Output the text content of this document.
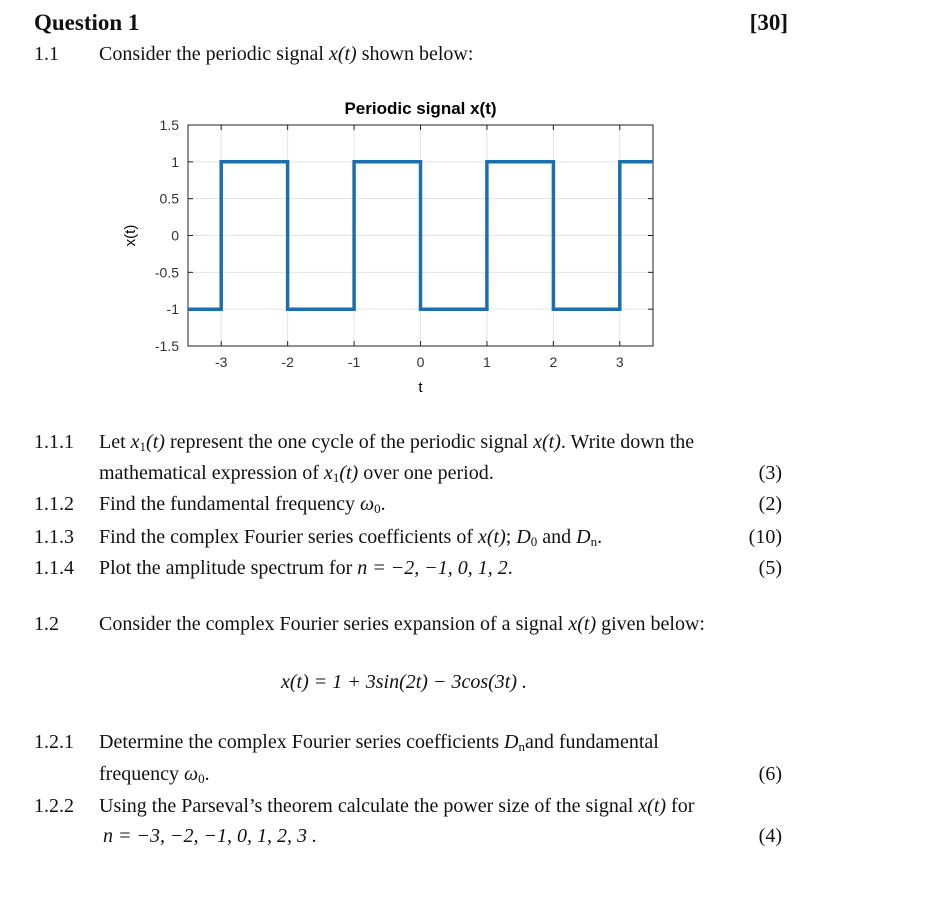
Question 1	[30]
1.1 Consider the periodic signal x(t) shown below:
Periodic signal x(t)
-3	-2	-1	0	1	2	3
1.5
1
0.5
0
-0.5
-1
-1.5
t
x(t)
1.1.1 Let $x_1(t)$ represent the one cycle of the periodic signal x(t). Write down the
mathematical expression of $x_1(t)$ over one period.	(3)
1.1.2 Find the fundamental frequency $\omega_0$.	(2)
1.1.3 Find the complex Fourier series coefficients of x(t); $D_0$ and $D_n$.	(10)
1.1.4 Plot the amplitude spectrum for n = −2, −1, 0, 1, 2.	(5)
1.2 Consider the complex Fourier series expansion of a signal x(t) given below:
x(t) = 1 + 3sin(2t) − 3cos(3t) .
1.2.1 Determine the complex Fourier series coefficients $D_nand$ fundamental
frequency $\omega_0$.	(6)
1.2.2 Using the Parseval’s theorem calculate the power size of the signal x(t) for
n = −3, −2, −1, 0, 1, 2, 3 .	(4)
